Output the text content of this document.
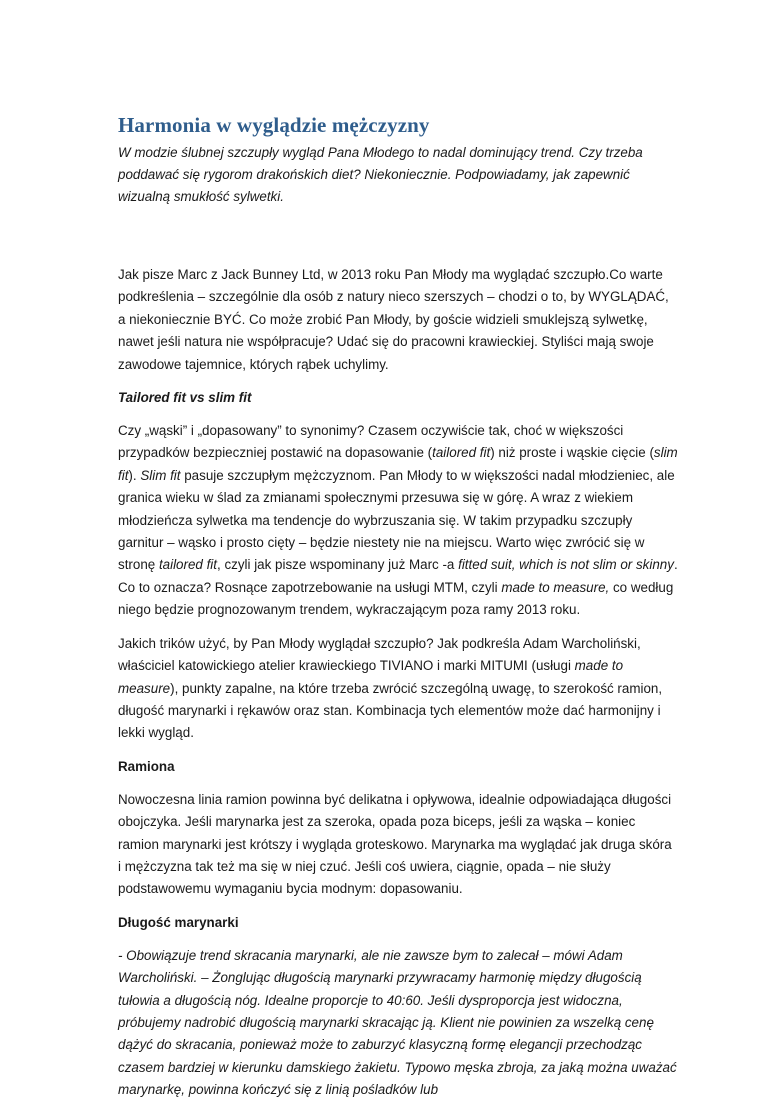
Harmonia w wyglądzie mężczyzny

W modzie ślubnej szczupły wygląd Pana Młodego to nadal dominujący trend. Czy trzeba poddawać się rygorom drakońskich diet? Niekoniecznie. Podpowiadamy, jak zapewnić wizualną smukłość sylwetki.

Jak pisze Marc z Jack Bunney Ltd, w 2013 roku Pan Młody ma wyglądać szczupło.Co warte podkreślenia – szczególnie dla osób z natury nieco szerszych – chodzi o to, by WYGLĄDAĆ, a niekoniecznie BYĆ. Co może zrobić Pan Młody, by goście widzieli smuklejszą sylwetkę, nawet jeśli natura nie współpracuje? Udać się do pracowni krawieckiej. Styliści mają swoje zawodowe tajemnice, których rąbek uchylimy.

Tailored fit vs slim fit

Czy „wąski” i „dopasowany” to synonimy? Czasem oczywiście tak, choć w większości przypadków bezpieczniej postawić na dopasowanie (tailored fit) niż proste i wąskie cięcie (slim fit). Slim fit pasuje szczupłym mężczyznom. Pan Młody to w większości nadal młodzieniec, ale granica wieku w ślad za zmianami społecznymi przesuwa się w górę. A wraz z wiekiem młodzieńcza sylwetka ma tendencje do wybrzuszania się. W takim przypadku szczupły garnitur – wąsko i prosto cięty – będzie niestety nie na miejscu. Warto więc zwrócić się w stronę tailored fit, czyli jak pisze wspominany już Marc -a fitted suit, which is not slim or skinny. Co to oznacza? Rosnące zapotrzebowanie na usługi MTM, czyli made to measure, co według niego będzie prognozowanym trendem, wykraczającym poza ramy 2013 roku.

Jakich trików użyć, by Pan Młody wyglądał szczupło? Jak podkreśla Adam Warcholiński, właściciel katowickiego atelier krawieckiego TIVIANO i marki MITUMI (usługi made to measure), punkty zapalne, na które trzeba zwrócić szczególną uwagę, to szerokość ramion, długość marynarki i rękawów oraz stan. Kombinacja tych elementów może dać harmonijny i lekki wygląd.

Ramiona

Nowoczesna linia ramion powinna być delikatna i opływowa, idealnie odpowiadająca długości obojczyka. Jeśli marynarka jest za szeroka, opada poza biceps, jeśli za wąska – koniec ramion marynarki jest krótszy i wygląda groteskowo. Marynarka ma wyglądać jak druga skóra i mężczyzna tak też ma się w niej czuć. Jeśli coś uwiera, ciągnie, opada – nie służy podstawowemu wymaganiu bycia modnym: dopasowaniu.

Długość marynarki

- Obowiązuje trend skracania marynarki, ale nie zawsze bym to zalecał – mówi Adam Warcholiński. – Żonglując długością marynarki przywracamy harmonię między długością tułowia a długością nóg. Idealne proporcje to 40:60. Jeśli dysproporcja jest widoczna, próbujemy nadrobić długością marynarki skracając ją. Klient nie powinien za wszelką cenę dążyć do skracania, ponieważ może to zaburzyć klasyczną formę elegancji przechodząc czasem bardziej w kierunku damskiego żakietu. Typowo męska zbroja, za jaką można uważać marynarkę, powinna kończyć się z linią pośladków lub
